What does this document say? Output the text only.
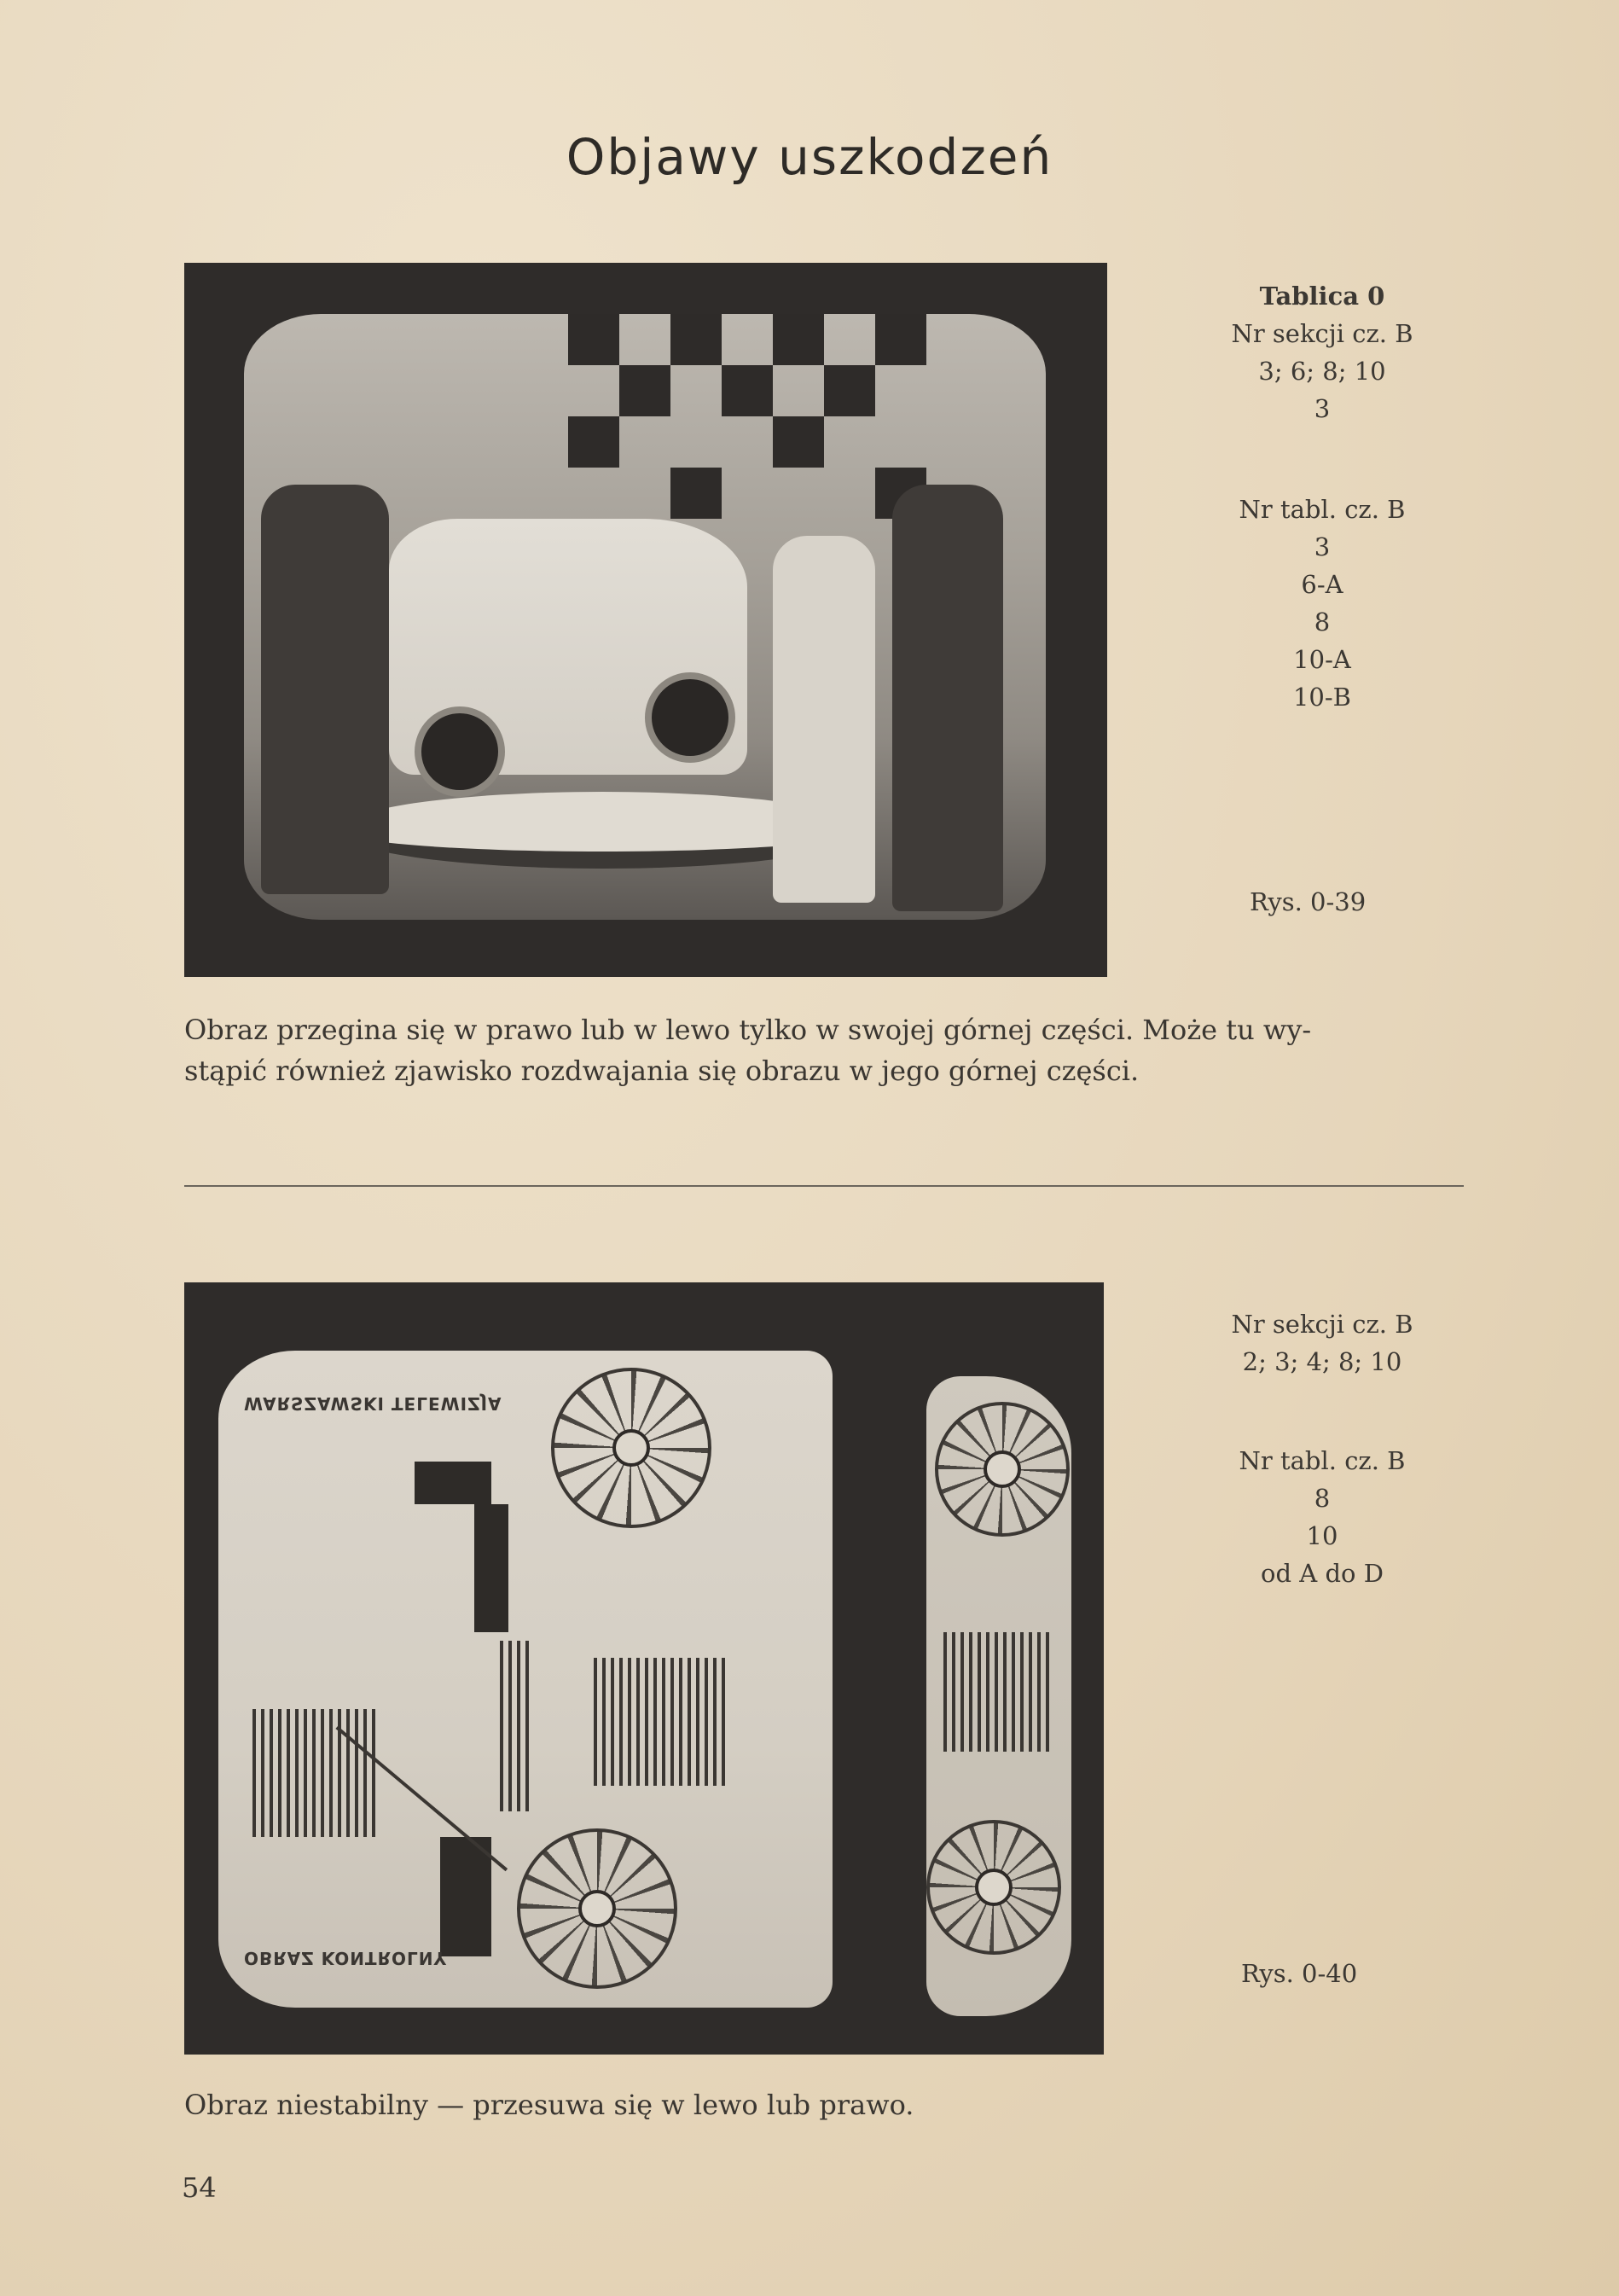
Objawy uszkodzeń
Tablica 0
Nr sekcji cz. B
3; 6; 8; 10
3
Nr tabl. cz. B
3
6-A
8
10-A
10-B
Rys. 0-39
Obraz przegina się w prawo lub w lewo tylko w swojej górnej części. Może tu wy-
stąpić również zjawisko rozdwajania się obrazu w jego górnej części.
WARSZAWSKI TELEWIZJA
OBRAZ KONTROLNY
Nr sekcji cz. B
2; 3; 4; 8; 10
Nr tabl. cz. B
8
10
od A do D
Rys. 0-40
Obraz niestabilny — przesuwa się w lewo lub prawo.
54
